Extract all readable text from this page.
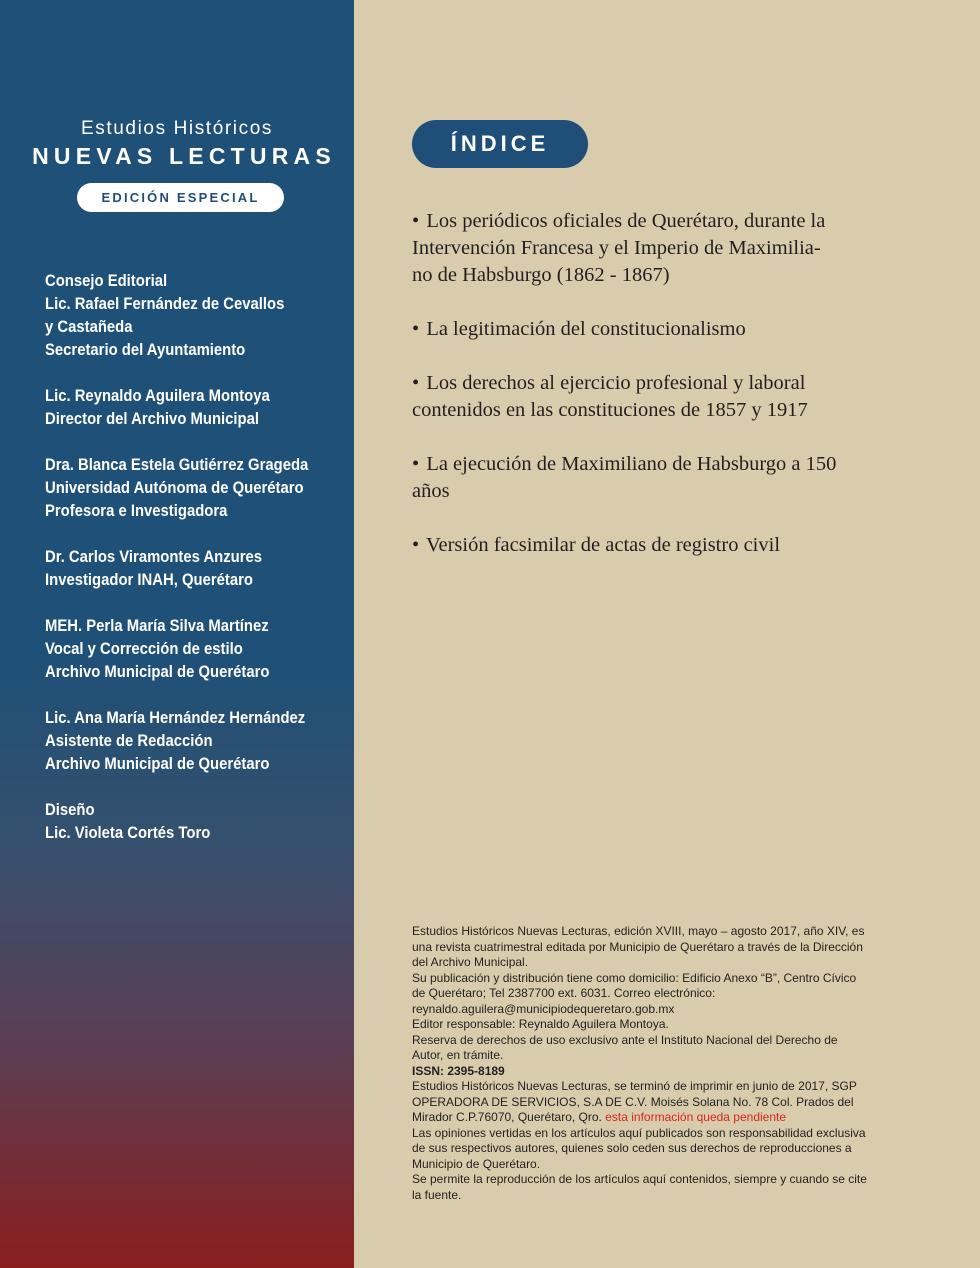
Estudios Históricos
NUEVAS LECTURAS
EDICIÓN ESPECIAL
Consejo Editorial
Lic. Rafael Fernández de Cevallos
y Castañeda
Secretario del Ayuntamiento
Lic. Reynaldo Aguilera Montoya
Director del Archivo Municipal
Dra. Blanca Estela Gutiérrez Grageda
Universidad Autónoma de Querétaro
Profesora e Investigadora
Dr. Carlos Viramontes Anzures
Investigador INAH, Querétaro
MEH. Perla María Silva Martínez
Vocal y Corrección de estilo
Archivo Municipal de Querétaro
Lic. Ana María Hernández Hernández
Asistente de Redacción
Archivo Municipal de Querétaro
Diseño
Lic. Violeta Cortés Toro
ÍNDICE
• Los periódicos oficiales de Querétaro, durante la
Intervención Francesa y el Imperio de Maximilia-
no de Habsburgo (1862 - 1867)
• La legitimación del constitucionalismo
• Los derechos al ejercicio profesional y laboral
contenidos en las constituciones de 1857 y 1917
• La ejecución de Maximiliano de Habsburgo a 150
años
• Versión facsimilar de actas de registro civil
Estudios Históricos Nuevas Lecturas, edición XVIII, mayo – agosto 2017, año XIV, es
una revista cuatrimestral editada por Municipio de Querétaro a través de la Dirección
del Archivo Municipal.
Su publicación y distribución tiene como domicilio: Edificio Anexo “B”, Centro Cívico
de Querétaro; Tel 2387700 ext. 6031. Correo electrónico:
reynaldo.aguilera@municipiodequeretaro.gob.mx
Editor responsable: Reynaldo Aguilera Montoya.
Reserva de derechos de uso exclusivo ante el Instituto Nacional del Derecho de
Autor, en trámite.
ISSN: 2395-8189
Estudios Históricos Nuevas Lecturas, se terminó de imprimir en junio de 2017, SGP
OPERADORA DE SERVICIOS, S.A DE C.V. Moisés Solana No. 78 Col. Prados del
Mirador C.P.76070, Querétaro, Qro. esta información queda pendiente
Las opiniones vertidas en los artículos aquí publicados son responsabilidad exclusiva
de sus respectivos autores, quienes solo ceden sus derechos de reproducciones a
Municipio de Querétaro.
Se permite la reproducción de los artículos aquí contenidos, siempre y cuando se cite
la fuente.
